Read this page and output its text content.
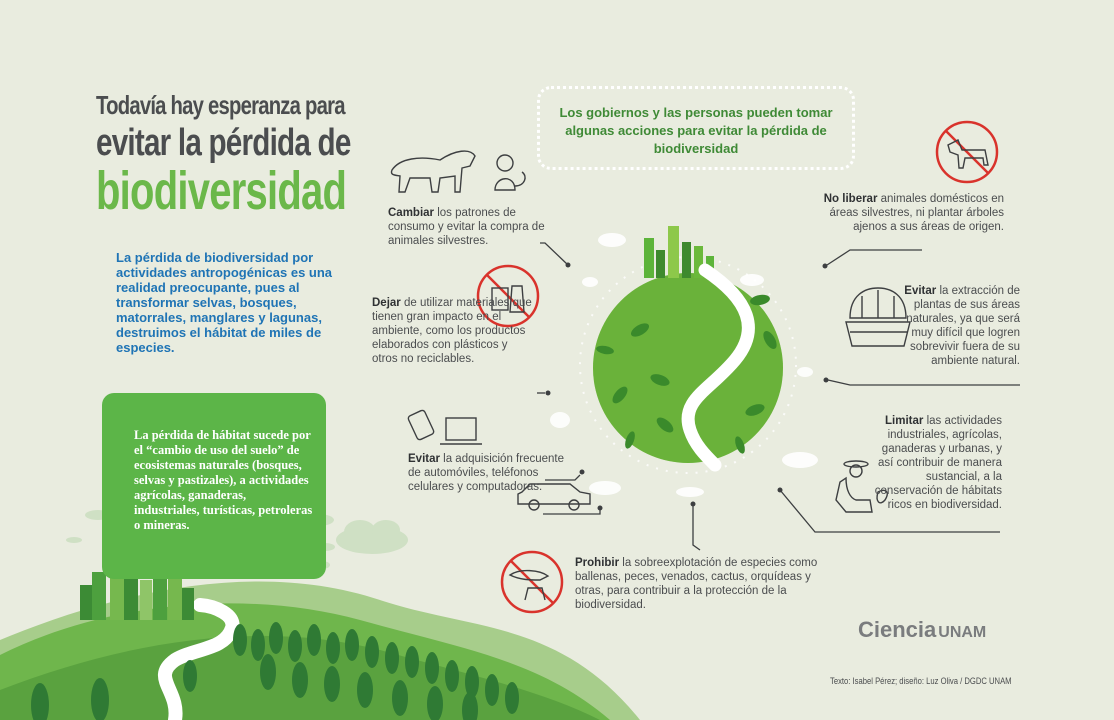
Todavía hay esperanza para
evitar la pérdida de
biodiversidad
La pérdida de biodiversidad por actividades antropogénicas es una realidad preocupante, pues al transformar selvas, bosques, matorrales, manglares y lagunas, destruimos el hábitat de miles de especies.
La pérdida de hábitat sucede por el “cambio de uso del suelo” de ecosistemas naturales (bosques, selvas y pastizales), a actividades agrícolas, ganaderas, industriales, turísticas, petroleras o mineras.
Los gobiernos y las personas pueden tomar algunas acciones para evitar la pérdida de biodiversidad
Cambiar los patrones de consumo y evitar la compra de animales silvestres.
Dejar de utilizar materiales que tienen gran impacto en el ambiente, como los productos elaborados con plásticos y otros no reciclables.
Evitar la adquisición frecuente de automóviles, teléfonos celulares y computadoras.
Prohibir la sobreexplotación de especies como ballenas, peces, venados, cactus, orquídeas y otras, para contribuir a la protección de la biodiversidad.
No liberar animales domésticos en áreas silvestres, ni plantar árboles ajenos a sus áreas de origen.
Evitar la extracción de plantas de sus áreas naturales, ya que será muy difícil que logren sobrevivir fuera de su ambiente natural.
Limitar las actividades industriales, agrícolas, ganaderas y urbanas, y así contribuir de manera sustancial, a la conservación de hábitats ricos en biodiversidad.
Ciencia UNAM
Texto: Isabel Pérez; diseño: Luz Oliva / DGDC UNAM
